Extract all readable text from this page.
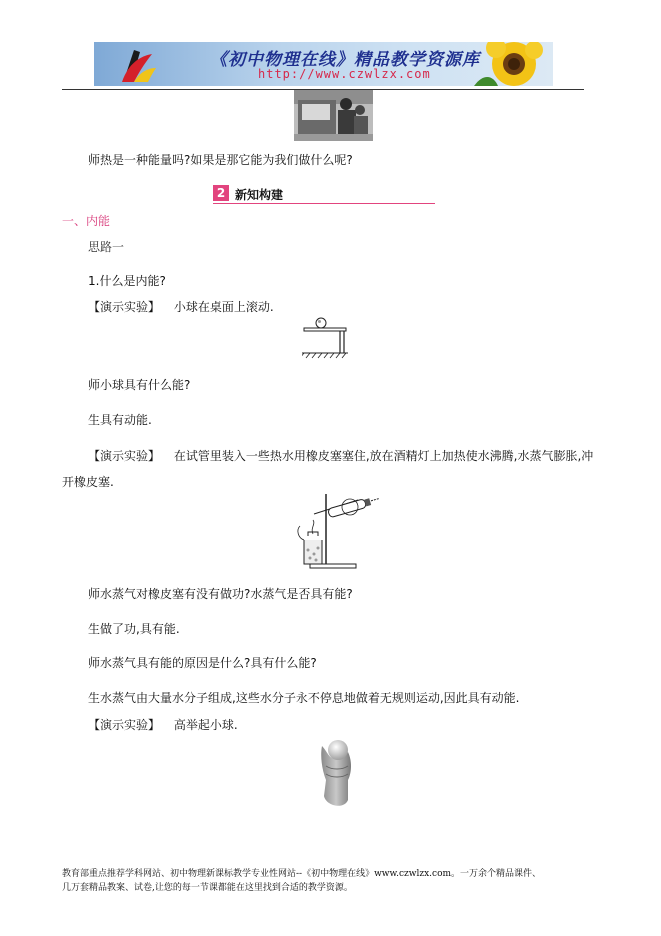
《初中物理在线》精品教学资源库
http://www.czwlzx.com
师热是一种能量吗?如果是那它能为我们做什么呢?
2 新知构建
一、内能
思路一
1.什么是内能?
【演示实验】 小球在桌面上滚动.
师小球具有什么能?
生具有动能.
【演示实验】 在试管里装入一些热水用橡皮塞塞住,放在酒精灯上加热使水沸腾,水蒸气膨胀,冲
开橡皮塞.
师水蒸气对橡皮塞有没有做功?水蒸气是否具有能?
生做了功,具有能.
师水蒸气具有能的原因是什么?具有什么能?
生水蒸气由大量水分子组成,这些水分子永不停息地做着无规则运动,因此具有动能.
【演示实验】 高举起小球.
教育部重点推荐学科网站、初中物理新课标教学专业性网站--《初中物理在线》www.czwlzx.com。一万余个精品课件、
几万套精品教案、试卷,让您的每一节课都能在这里找到合适的教学资源。
